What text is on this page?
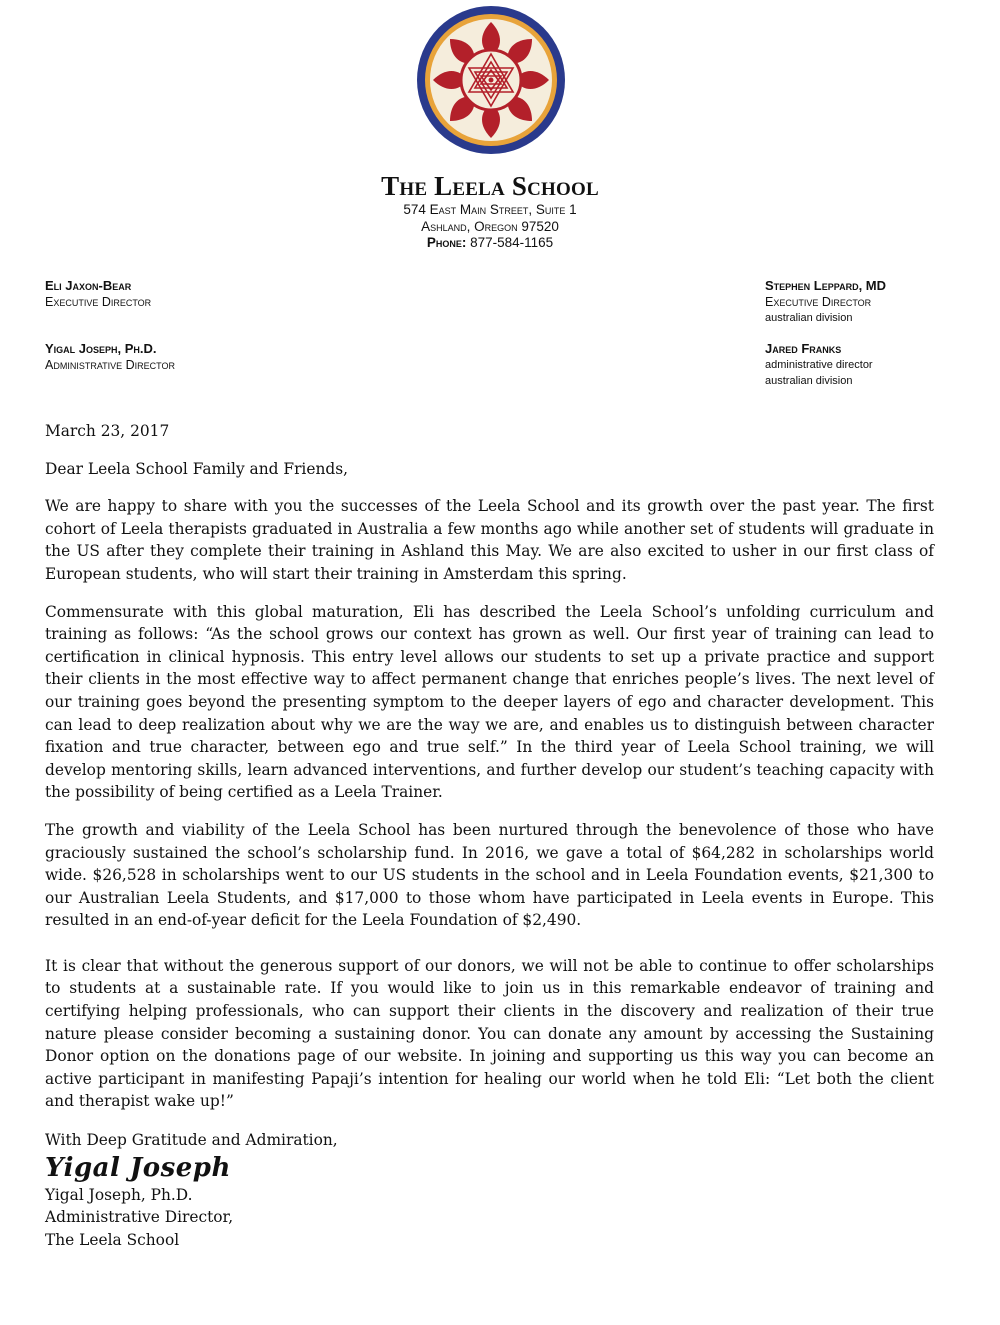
The Leela School
574 East Main Street, Suite 1
Ashland, Oregon 97520
Phone: 877-584-1165
Eli Jaxon-Bear
Executive Director
Yigal Joseph, Ph.D.
Administrative Director
Stephen Leppard, MD
Executive Director
australian division
Jared Franks
administrative director
australian division

March 23, 2017

Dear Leela School Family and Friends,

We are happy to share with you the successes of the Leela School and its growth over the past year. The first cohort of Leela therapists graduated in Australia a few months ago while another set of students will graduate in the US after they complete their training in Ashland this May. We are also excited to usher in our first class of European students, who will start their training in Amsterdam this spring.

Commensurate with this global maturation, Eli has described the Leela School’s unfolding curriculum and training as follows: “As the school grows our context has grown as well. Our first year of training can lead to certification in clinical hypnosis. This entry level allows our students to set up a private practice and support their clients in the most effective way to affect permanent change that enriches people’s lives. The next level of our training goes beyond the presenting symptom to the deeper layers of ego and character development. This can lead to deep realization about why we are the way we are, and enables us to distinguish between character fixation and true character, between ego and true self.” In the third year of Leela School training, we will develop mentoring skills, learn advanced interventions, and further develop our student’s teaching capacity with the possibility of being certified as a Leela Trainer.

The growth and viability of the Leela School has been nurtured through the benevolence of those who have graciously sustained the school’s scholarship fund. In 2016, we gave a total of $64,282 in scholarships world wide. $26,528 in scholarships went to our US students in the school and in Leela Foundation events, $21,300 to our Australian Leela Students, and $17,000 to those whom have participated in Leela events in Europe. This resulted in an end-of-year deficit for the Leela Foundation of $2,490.

It is clear that without the generous support of our donors, we will not be able to continue to offer scholarships to students at a sustainable rate. If you would like to join us in this remarkable endeavor of training and certifying helping professionals, who can support their clients in the discovery and realization of their true nature please consider becoming a sustaining donor. You can donate any amount by accessing the Sustaining Donor option on the donations page of our website. In joining and supporting us this way you can become an active participant in manifesting Papaji’s intention for healing our world when he told Eli: “Let both the client and therapist wake up!”

With Deep Gratitude and Admiration,

Yigal Joseph

Yigal Joseph, Ph.D.

Administrative Director,

The Leela School
